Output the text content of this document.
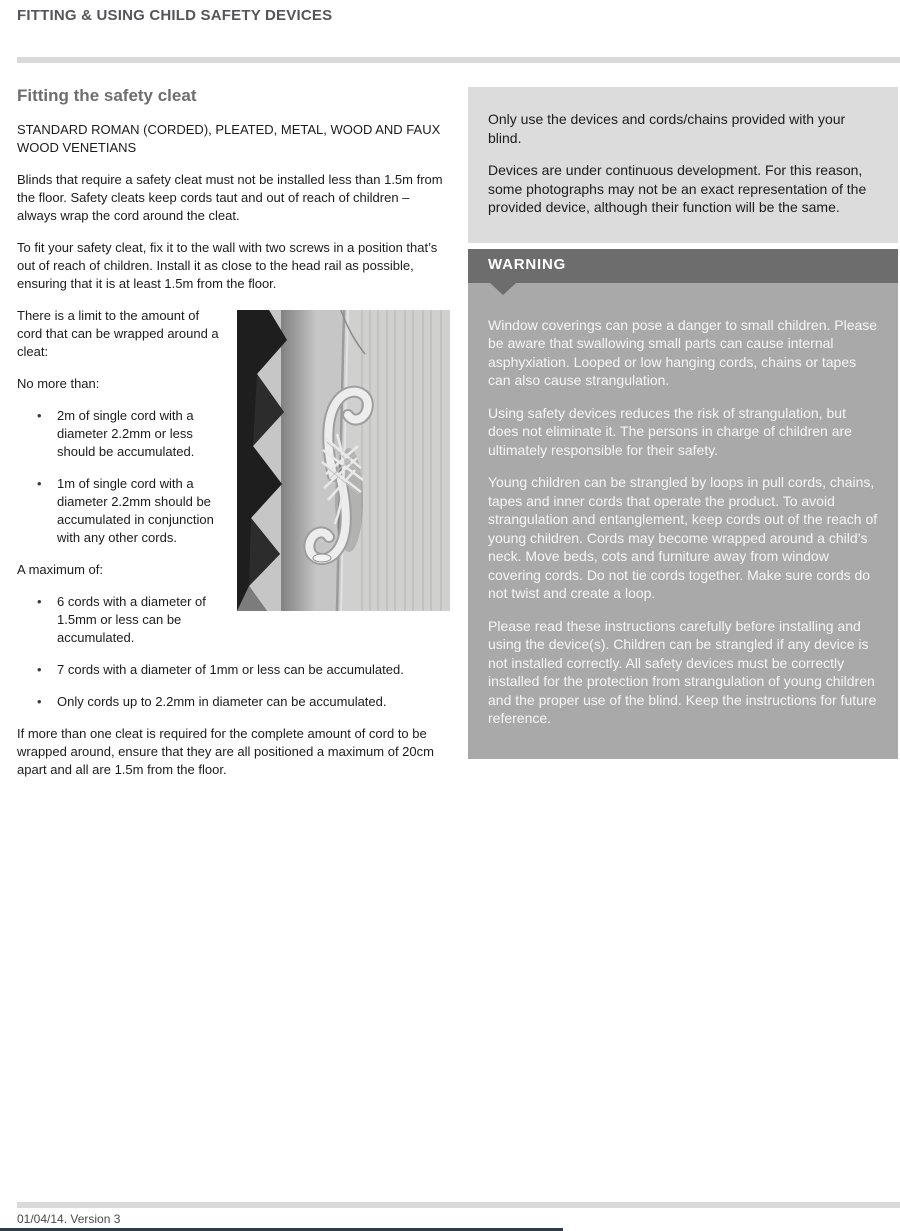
FITTING & USING CHILD SAFETY DEVICES
Fitting the safety cleat

STANDARD ROMAN (CORDED), PLEATED, METAL, WOOD AND FAUX WOOD VENETIANS

Blinds that require a safety cleat must not be installed less than 1.5m from the floor. Safety cleats keep cords taut and out of reach of children – always wrap the cord around the cleat.

To fit your safety cleat, fix it to the wall with two screws in a position that’s out of reach of children. Install it as close to the head rail as possible, ensuring that it is at least 1.5m from the floor.

There is a limit to the amount of cord that can be wrapped around a cleat:

No more than:

• 2m of single cord with a diameter 2.2mm or less should be accumulated.
• 1m of single cord with a diameter 2.2mm should be accumulated in conjunction with any other cords.

A maximum of:

• 6 cords with a diameter of 1.5mm or less can be accumulated.
• 7 cords with a diameter of 1mm or less can be accumulated.
• Only cords up to 2.2mm in diameter can be accumulated.

If more than one cleat is required for the complete amount of cord to be wrapped around, ensure that they are all positioned a maximum of 20cm apart and all are 1.5m from the floor.

Only use the devices and cords/chains provided with your blind.

Devices are under continuous development. For this reason, some photographs may not be an exact representation of the provided device, although their function will be the same.

WARNING

Window coverings can pose a danger to small children. Please be aware that swallowing small parts can cause internal asphyxiation. Looped or low hanging cords, chains or tapes can also cause strangulation.

Using safety devices reduces the risk of strangulation, but does not eliminate it. The persons in charge of children are ultimately responsible for their safety.

Young children can be strangled by loops in pull cords, chains, tapes and inner cords that operate the product. To avoid strangulation and entanglement, keep cords out of the reach of young children. Cords may become wrapped around a child’s neck. Move beds, cots and furniture away from window covering cords. Do not tie cords together. Make sure cords do not twist and create a loop.

Please read these instructions carefully before installing and using the device(s). Children can be strangled if any device is not installed correctly. All safety devices must be correctly installed for the protection from strangulation of young children and the proper use of the blind. Keep the instructions for future reference.

01/04/14. Version 3
